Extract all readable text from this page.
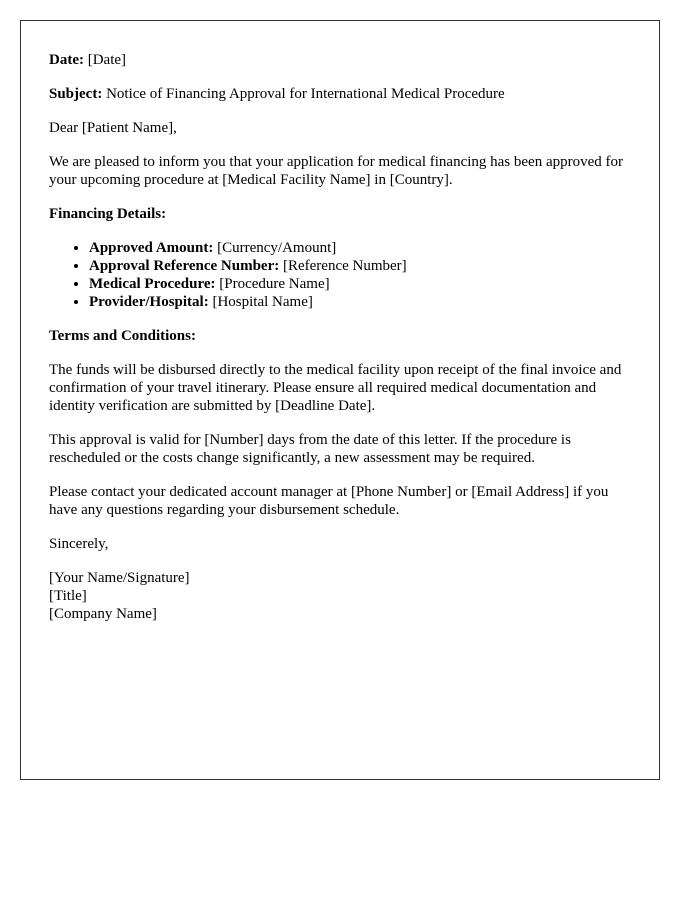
Date: [Date]

Subject: Notice of Financing Approval for International Medical Procedure

Dear [Patient Name],

We are pleased to inform you that your application for medical financing has been approved for your upcoming procedure at [Medical Facility Name] in [Country].

Financing Details:

• Approved Amount: [Currency/Amount]
• Approval Reference Number: [Reference Number]
• Medical Procedure: [Procedure Name]
• Provider/Hospital: [Hospital Name]

Terms and Conditions:

The funds will be disbursed directly to the medical facility upon receipt of the final invoice and confirmation of your travel itinerary. Please ensure all required medical documentation and identity verification are submitted by [Deadline Date].

This approval is valid for [Number] days from the date of this letter. If the procedure is rescheduled or the costs change significantly, a new assessment may be required.

Please contact your dedicated account manager at [Phone Number] or [Email Address] if you have any questions regarding your disbursement schedule.

Sincerely,

[Your Name/Signature]
[Title]
[Company Name]
